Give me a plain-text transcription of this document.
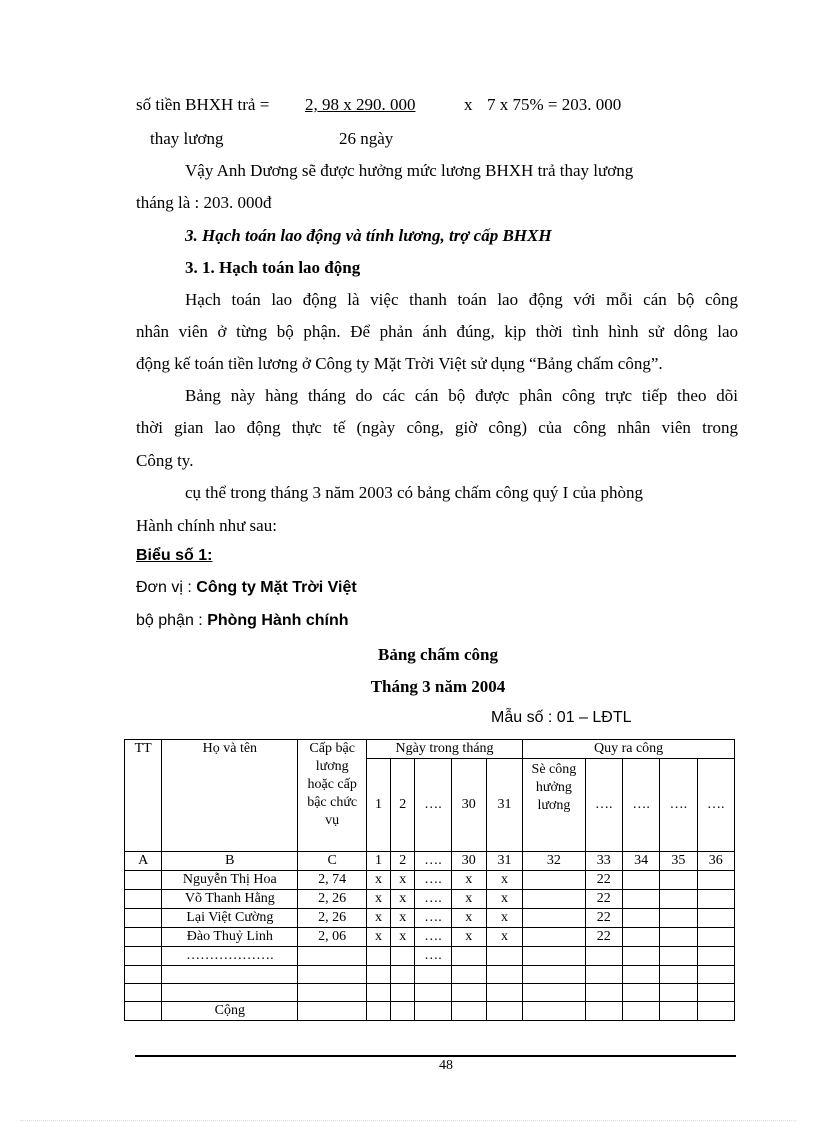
số tiền BHXH trả = 2, 98 x 290. 000	x 7 x 75% = 203. 000
thay lương	26 ngày
Vậy Anh Dương sẽ được hưởng mức lương BHXH trả thay lương
tháng là : 203. 000đ
3. Hạch toán lao động và tính lương, trợ cấp BHXH
3. 1. Hạch toán lao động
Hạch toán lao động là việc thanh toán lao động với mỗi cán bộ công
nhân viên ở từng bộ phận. Để phản ánh đúng, kịp thời tình hình sử dông lao
động kế toán tiền lương ở Công ty Mặt Trời Việt sử dụng “Bảng chấm công”.
Bảng này hàng tháng do các cán bộ được phân công trực tiếp theo dõi
thời gian lao động thực tế (ngày công, giờ công) của công nhân viên trong
Công ty.
cụ thể trong tháng 3 năm 2003 có bảng chấm công quý I của phòng
Hành chính như sau:
Biểu số 1:
Đơn vị : Công ty Mặt Trời Việt
bộ phận : Phòng Hành chính
Bảng chấm công
Tháng 3 năm 2004
Mẫu số : 01 – LĐTL
TT	Họ và tên	Cấp bậc lương hoặc cấp bậc chức vụ	Ngày trong tháng					Quy ra công				
			1	2	….	30	31	Sè công hưởng lương	….	….	….	….
A	B	C	1	2	….	30	31	32	33	34	35	36
	Nguyễn Thị Hoa	2, 74	x	x	….	x	x		22			
	Võ Thanh Hằng	2, 26	x	x	….	x	x		22			
	Lại Việt Cường	2, 26	x	x	….	x	x		22			
	Đào Thuỷ Linh	2, 06	x	x	….	x	x		22			
	……………….				….							

	Cộng											
48
